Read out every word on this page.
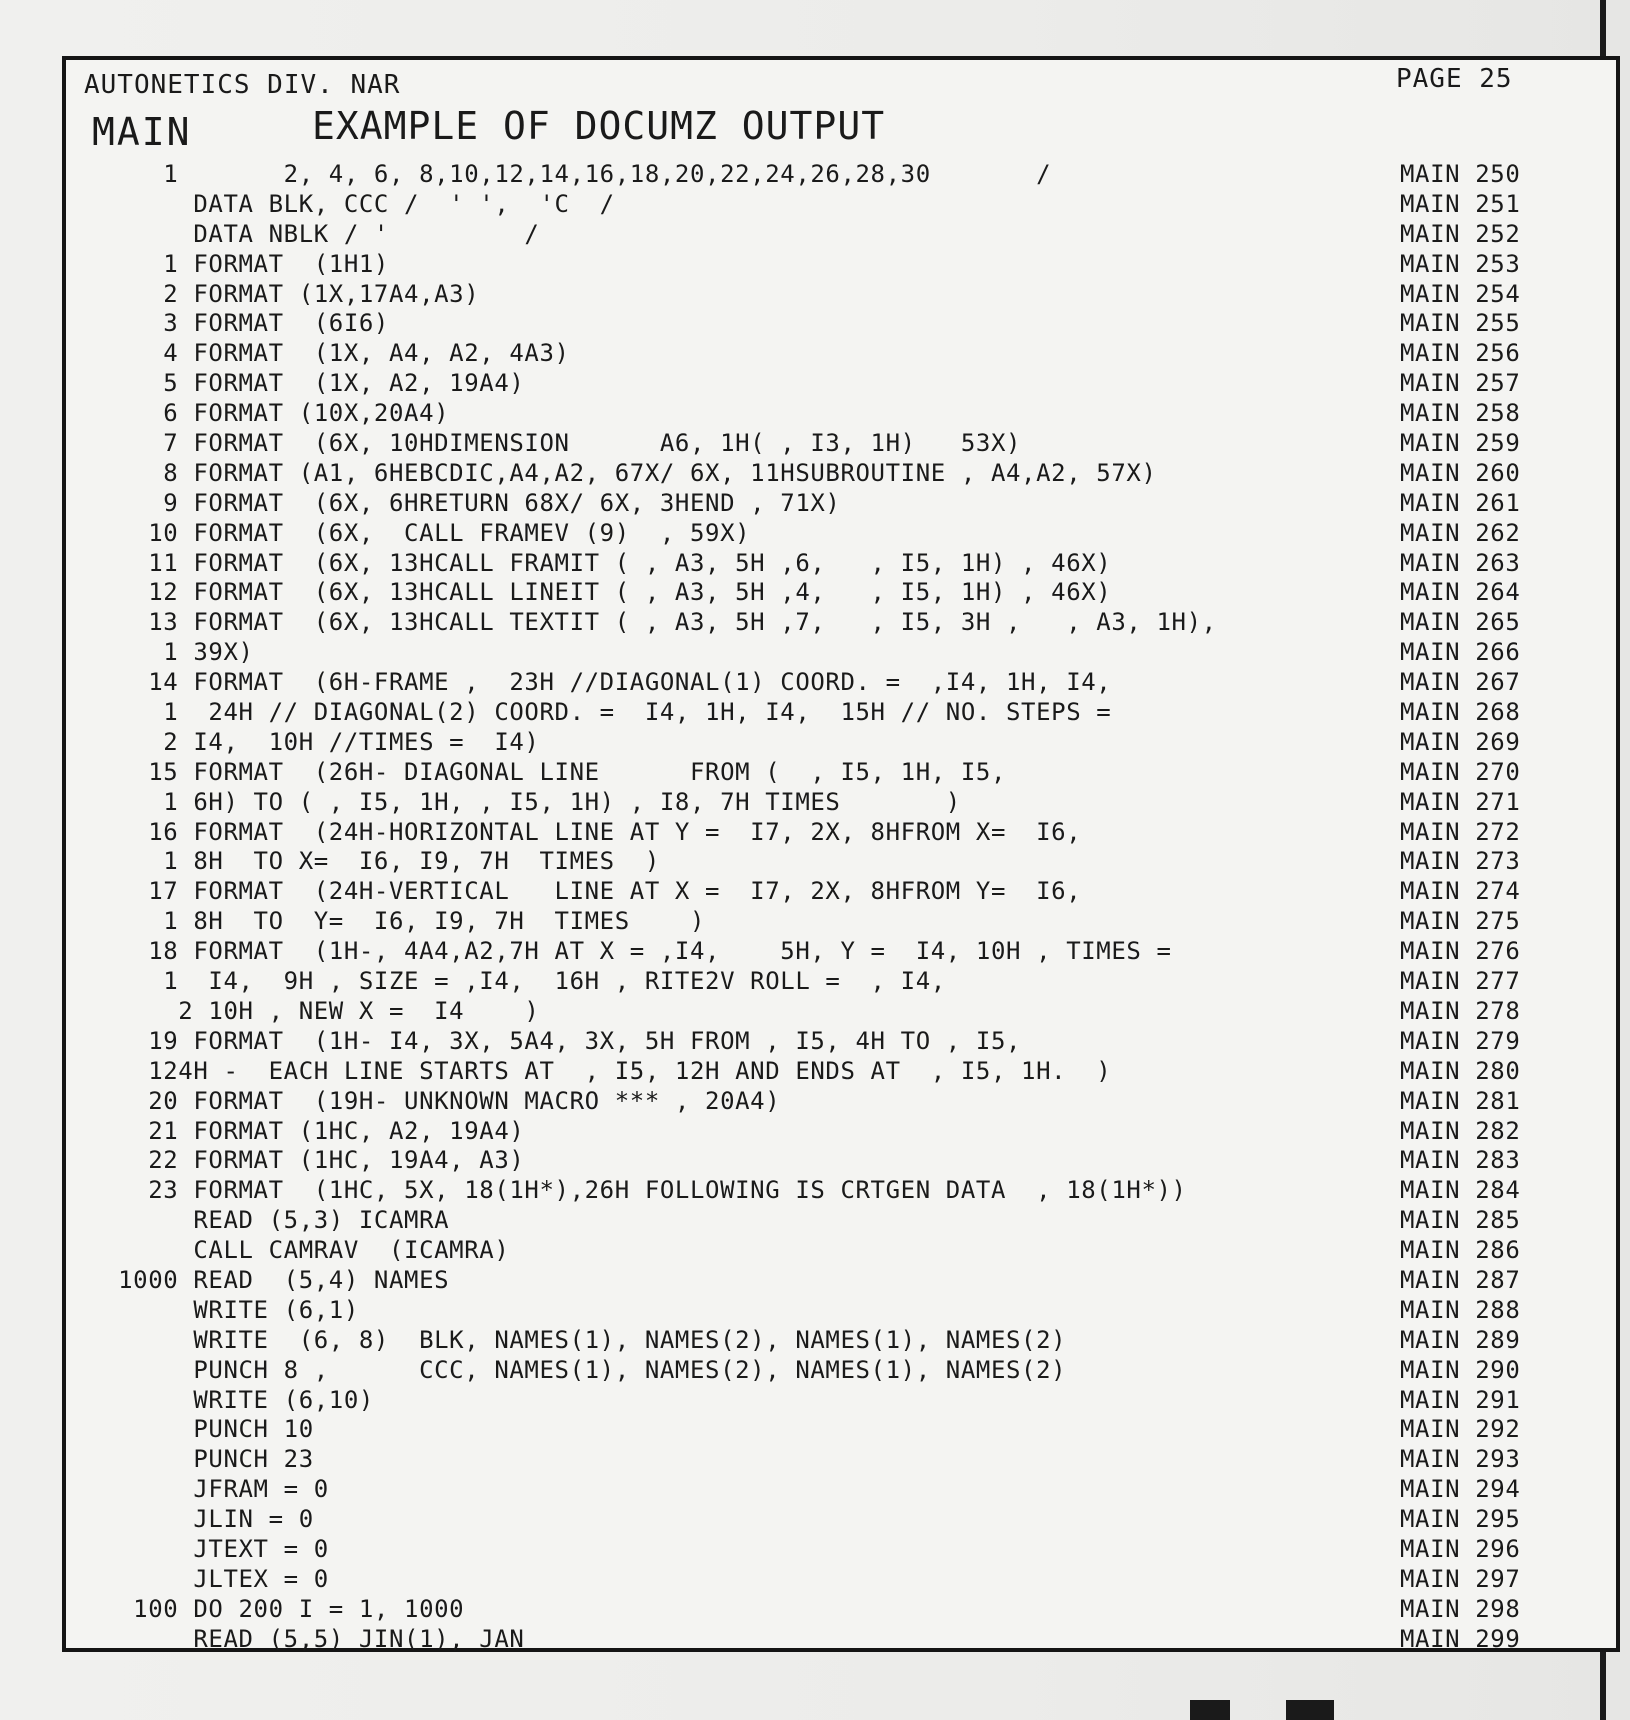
AUTONETICS DIV. NAR	PAGE 25
MAIN	EXAMPLE OF DOCUMZ OUTPUT
1       2, 4, 6, 8,10,12,14,16,18,20,22,24,26,28,30       /	MAIN 250
DATA BLK, CCC /  ' ',  'C  /	MAIN 251
DATA NBLK / '         /	MAIN 252
1 FORMAT  (1H1)	MAIN 253
2 FORMAT (1X,17A4,A3)	MAIN 254
3 FORMAT  (6I6)	MAIN 255
4 FORMAT  (1X, A4, A2, 4A3)	MAIN 256
5 FORMAT  (1X, A2, 19A4)	MAIN 257
6 FORMAT (10X,20A4)	MAIN 258
7 FORMAT  (6X, 10HDIMENSION      A6, 1H( , I3, 1H)   53X)	MAIN 259
8 FORMAT (A1, 6HEBCDIC,A4,A2, 67X/ 6X, 11HSUBROUTINE , A4,A2, 57X)	MAIN 260
9 FORMAT  (6X, 6HRETURN 68X/ 6X, 3HEND , 71X)	MAIN 261
10 FORMAT  (6X,  CALL FRAMEV (9)  , 59X)	MAIN 262
11 FORMAT  (6X, 13HCALL FRAMIT ( , A3, 5H ,6,   , I5, 1H) , 46X)	MAIN 263
12 FORMAT  (6X, 13HCALL LINEIT ( , A3, 5H ,4,   , I5, 1H) , 46X)	MAIN 264
13 FORMAT  (6X, 13HCALL TEXTIT ( , A3, 5H ,7,   , I5, 3H ,   , A3, 1H),	MAIN 265
1 39X)	MAIN 266
14 FORMAT  (6H-FRAME ,  23H //DIAGONAL(1) COORD. =  ,I4, 1H, I4,	MAIN 267
1  24H // DIAGONAL(2) COORD. =  I4, 1H, I4,  15H // NO. STEPS =	MAIN 268
2 I4,  10H //TIMES =  I4)	MAIN 269
15 FORMAT  (26H- DIAGONAL LINE      FROM (  , I5, 1H, I5,	MAIN 270
1 6H) TO ( , I5, 1H, , I5, 1H) , I8, 7H TIMES       )	MAIN 271
16 FORMAT  (24H-HORIZONTAL LINE AT Y =  I7, 2X, 8HFROM X=  I6,	MAIN 272
1 8H  TO X=  I6, I9, 7H  TIMES  )	MAIN 273
17 FORMAT  (24H-VERTICAL   LINE AT X =  I7, 2X, 8HFROM Y=  I6,	MAIN 274
1 8H  TO  Y=  I6, I9, 7H  TIMES    )	MAIN 275
18 FORMAT  (1H-, 4A4,A2,7H AT X = ,I4,    5H, Y =  I4, 10H , TIMES =	MAIN 276
1  I4,  9H , SIZE = ,I4,  16H , RITE2V ROLL =  , I4,	MAIN 277
2 10H , NEW X =  I4    )	MAIN 278
19 FORMAT  (1H- I4, 3X, 5A4, 3X, 5H FROM , I5, 4H TO , I5,	MAIN 279
124H -  EACH LINE STARTS AT  , I5, 12H AND ENDS AT  , I5, 1H.  )	MAIN 280
20 FORMAT  (19H- UNKNOWN MACRO *** , 20A4)	MAIN 281
21 FORMAT (1HC, A2, 19A4)	MAIN 282
22 FORMAT (1HC, 19A4, A3)	MAIN 283
23 FORMAT  (1HC, 5X, 18(1H*),26H FOLLOWING IS CRTGEN DATA  , 18(1H*))	MAIN 284
READ (5,3) ICAMRA	MAIN 285
CALL CAMRAV  (ICAMRA)	MAIN 286
1000 READ  (5,4) NAMES	MAIN 287
WRITE (6,1)	MAIN 288
WRITE  (6, 8)  BLK, NAMES(1), NAMES(2), NAMES(1), NAMES(2)	MAIN 289
PUNCH 8 ,      CCC, NAMES(1), NAMES(2), NAMES(1), NAMES(2)	MAIN 290
WRITE (6,10)	MAIN 291
PUNCH 10	MAIN 292
PUNCH 23	MAIN 293
JFRAM = 0	MAIN 294
JLIN = 0	MAIN 295
JTEXT = 0	MAIN 296
JLTEX = 0	MAIN 297
100 DO 200 I = 1, 1000	MAIN 298
READ (5,5) JIN(1), JAN	MAIN 299
